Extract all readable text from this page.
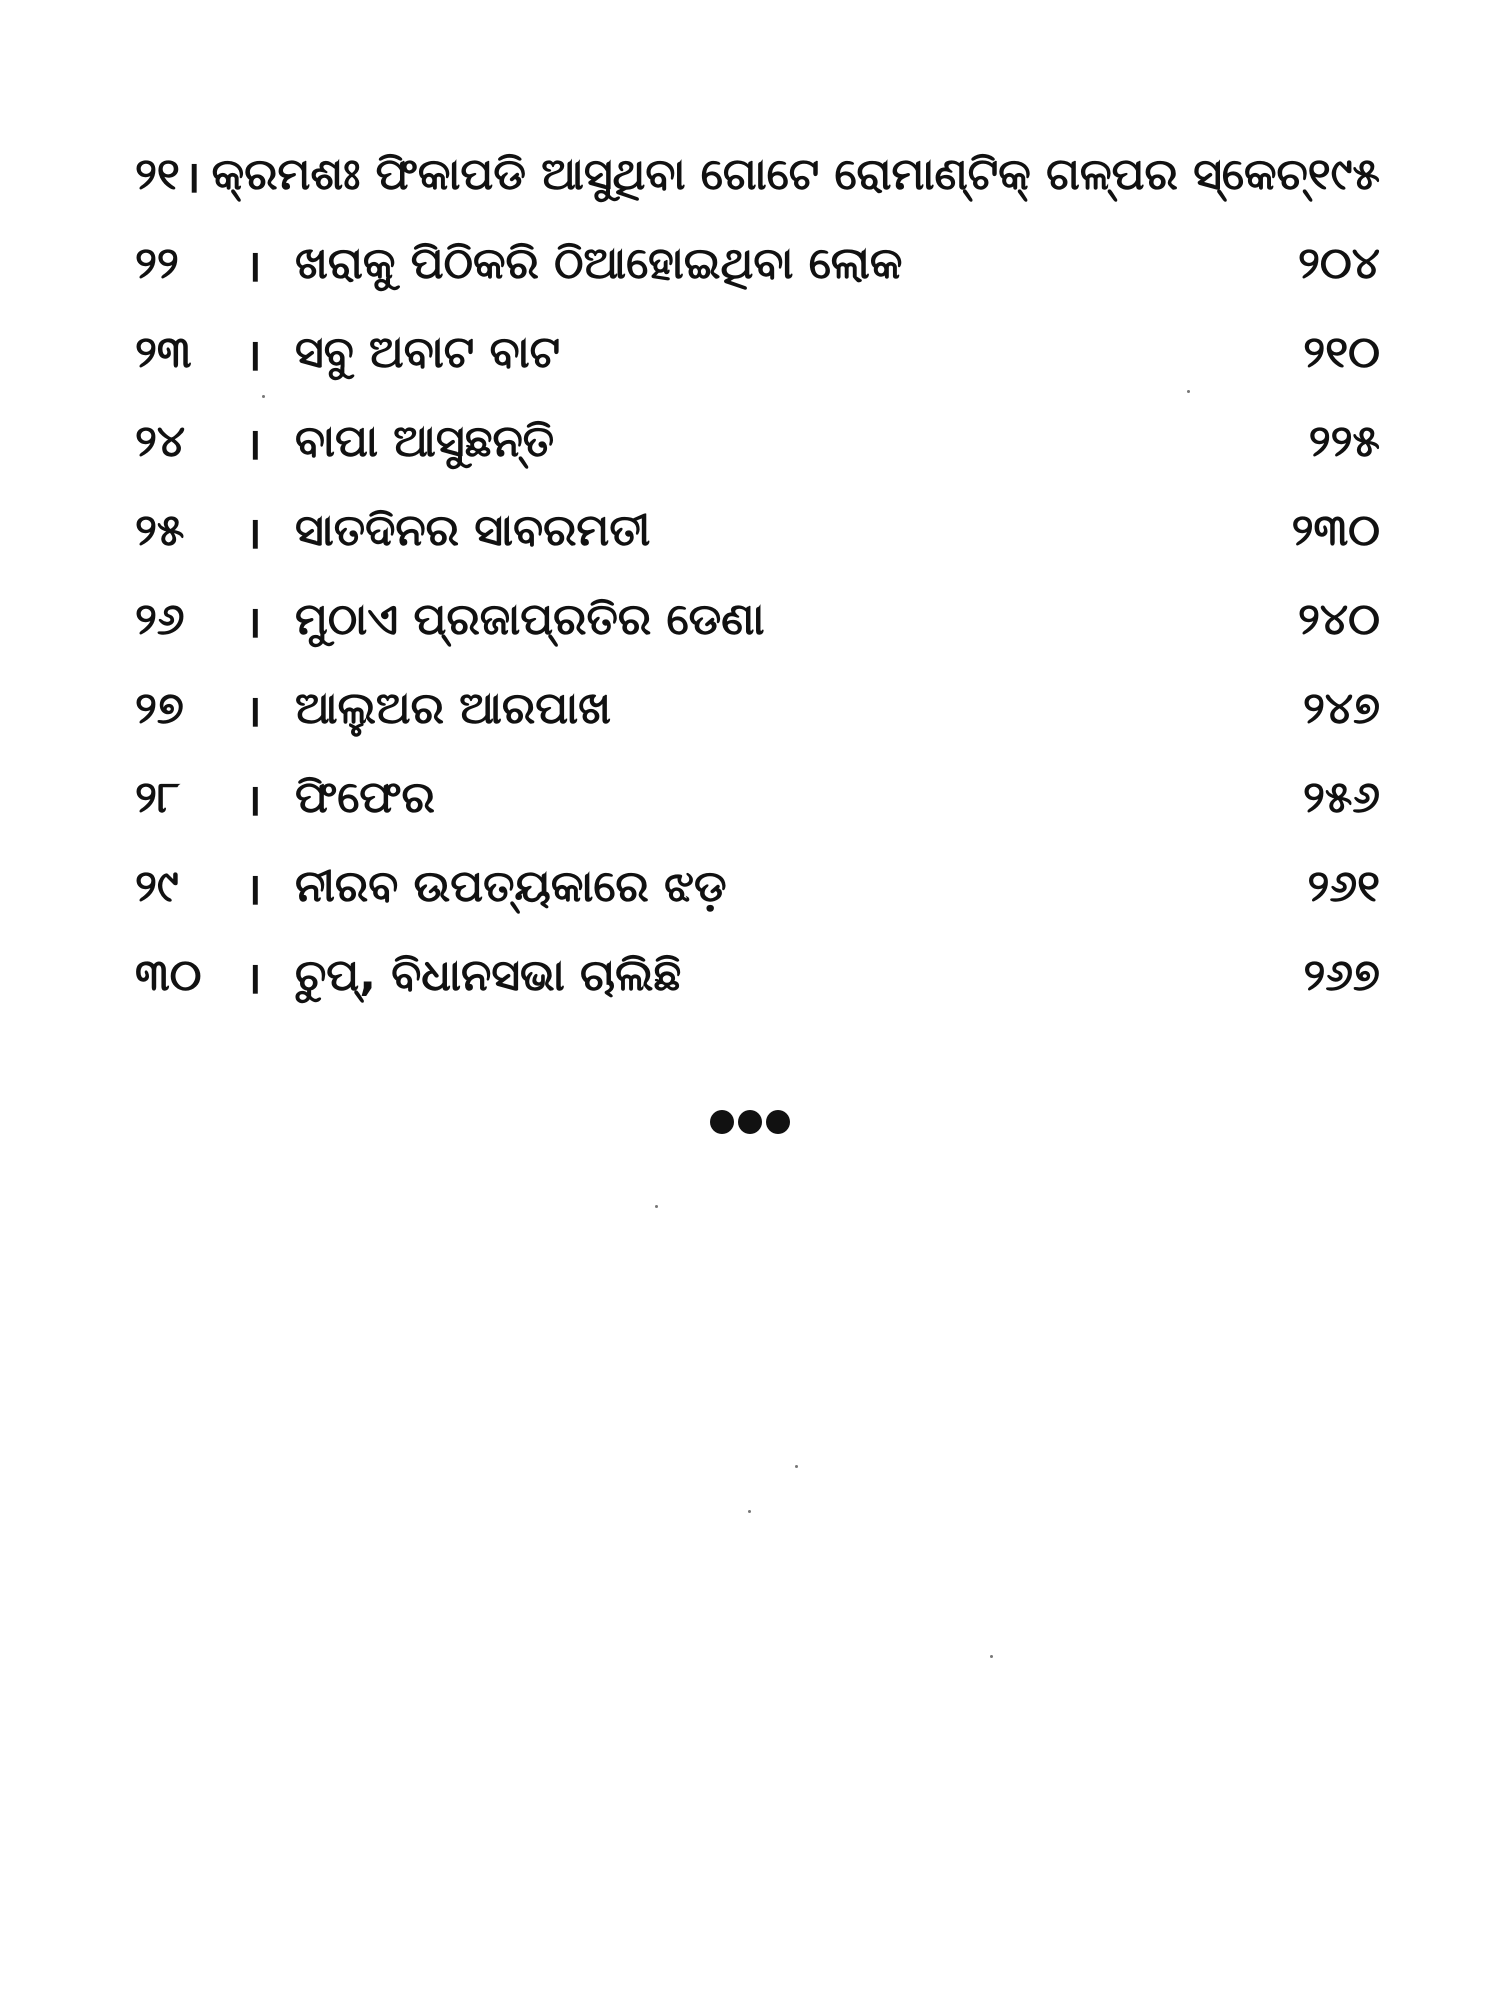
୨୧ । କ୍ରମଶଃ ଫିକାପଡି ଆସୁଥିବା ଗୋଟେ ରୋମାଣ୍ଟିକ୍ ଗଳ୍ପର ସ୍କେଚ୍ ୧୯୫
୨୨	। ଖରାକୁ ପିଠିକରି ଠିଆହୋଇଥିବା ଲୋକ	୨୦୪
୨୩	। ସବୁ ଅବାଟ ବାଟ	୨୧୦
୨୪	। ବାପା ଆସୁଛନ୍ତି	୨୨୫
୨୫	। ସାତଦିନର ସାବରମତୀ	୨୩୦
୨୬	। ମୁଠାଏ ପ୍ରଜାପ୍ରତିର ଡେଣା	୨୪୦
୨୭	। ଆଲୁଅର ଆରପାଖ	୨୪୭
୨୮	। ଫିଫେର	୨୫୬
୨୯	। ନୀରବ ଉପତ୍ୟକାରେ ଝଡ଼	୨୬୧
୩୦ । ଚୁପ୍, ବିଧାନସଭା ଚାଲିଛି	୨୬୭
